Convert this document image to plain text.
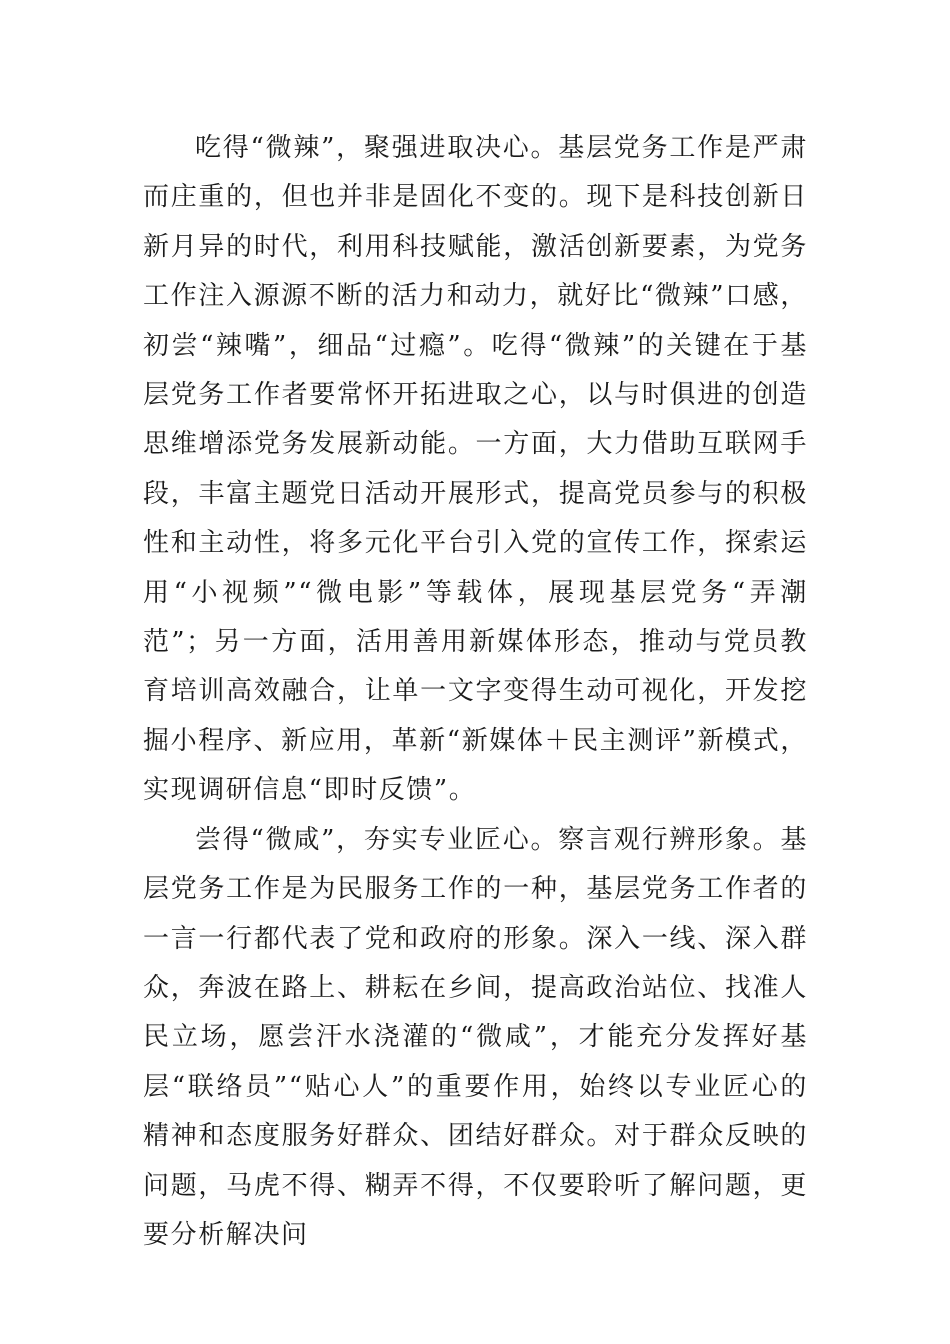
吃得“微辣”，聚强进取决心。基层党务工作是严肃而庄重的，但也并非是固化不变的。现下是科技创新日新月异的时代，利用科技赋能，激活创新要素，为党务工作注入源源不断的活力和动力，就好比“微辣”口感，初尝“辣嘴”，细品“过瘾”。吃得“微辣”的关键在于基层党务工作者要常怀开拓进取之心，以与时俱进的创造思维增添党务发展新动能。一方面，大力借助互联网手段，丰富主题党日活动开展形式，提高党员参与的积极性和主动性，将多元化平台引入党的宣传工作，探索运用“小视频”“微电影”等载体，展现基层党务“弄潮范”；另一方面，活用善用新媒体形态，推动与党员教育培训高效融合，让单一文字变得生动可视化，开发挖掘小程序、新应用，革新“新媒体＋民主测评”新模式，实现调研信息“即时反馈”。

尝得“微咸”，夯实专业匠心。察言观行辨形象。基层党务工作是为民服务工作的一种，基层党务工作者的一言一行都代表了党和政府的形象。深入一线、深入群众，奔波在路上、耕耘在乡间，提高政治站位、找准人民立场，愿尝汗水浇灌的“微咸”，才能充分发挥好基层“联络员”“贴心人”的重要作用，始终以专业匠心的精神和态度服务好群众、团结好群众。对于群众反映的问题，马虎不得、糊弄不得，不仅要聆听了解问题，更要分析解决问
